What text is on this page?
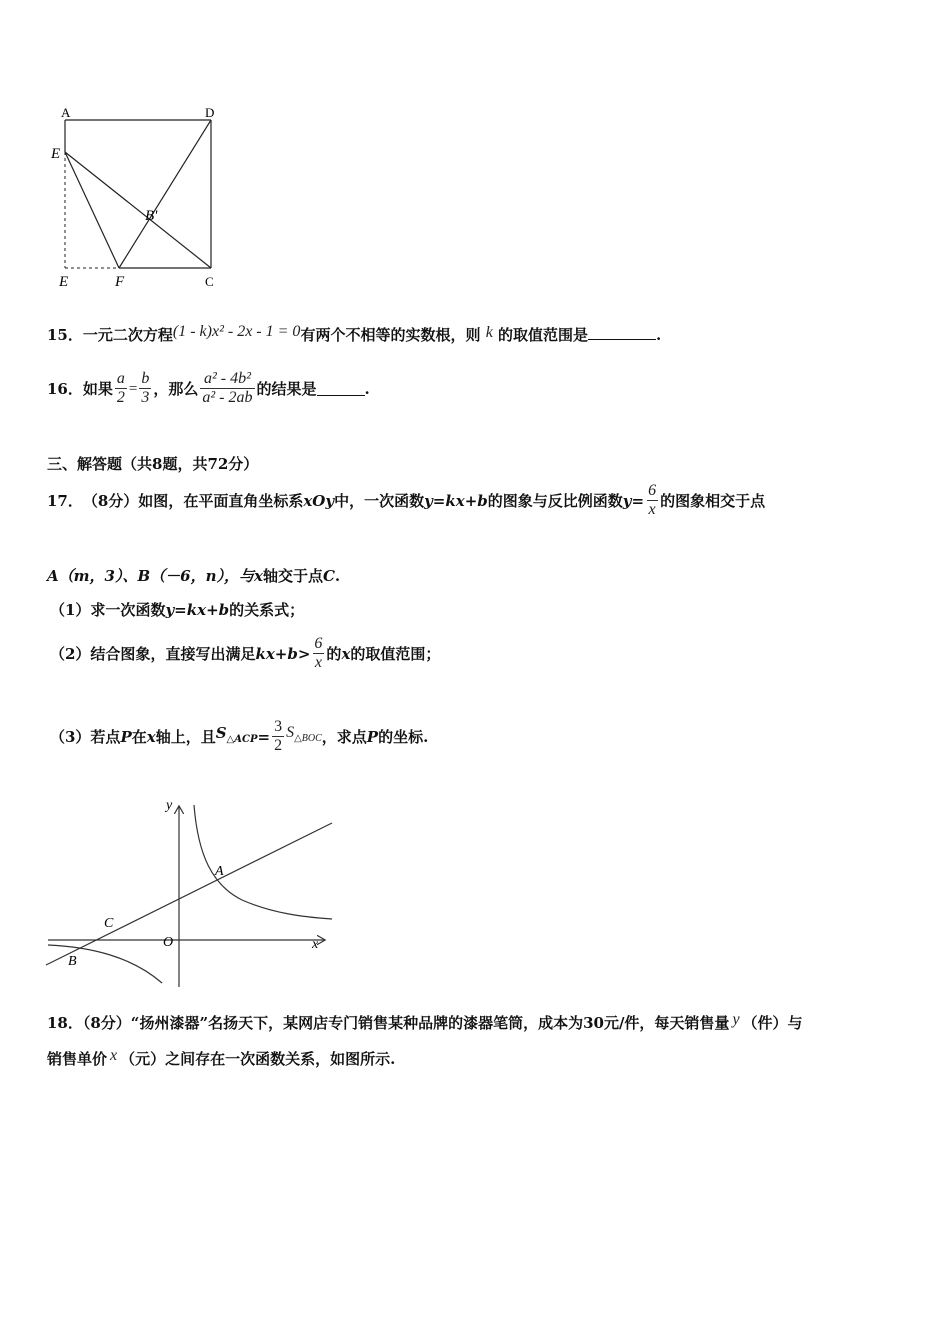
A	D
E
B'
E	F	C
15．一元二次方程(1 - k)x² - 2x - 1 = 0有两个不相等的实数根，则 k 的取值范围是	.
16． 如果 $\frac{a}{2} = \frac{b}{3}$ ，那么 $\frac{\text{a² - 4b²}}{\text{a² - 2ab}}$ 的结果是	.
三、解答题（共8题，共72分）
17． （8分）如图，在平面直角坐标系 xOy 中，一次函数 y=kx+b 的图象与反比例函数 $y= \frac{6}{x}$ 的图象相交于点
A（m，3）、B（－6，n），与x轴交于点C.
（1）求一次函数y=kx+b的关系式；
（2）结合图象，直接写出满足 $kx+b> \frac{6}{x}$ 的 x 的取值范围；
（3）若点 P 在 x 轴上，且 $S_{\triangle ACP} = \frac{3}{2} S_{\triangle BOC}$ ，求点 P 的坐标.
y
x
O
A
C
B
18．（8分）“扬州漆器”名扬天下，某网店专门销售某种品牌的漆器笔筒，成本为30元/件，每天销售量 y （件）与
销售单价 x （元）之间存在一次函数关系，如图所示.
